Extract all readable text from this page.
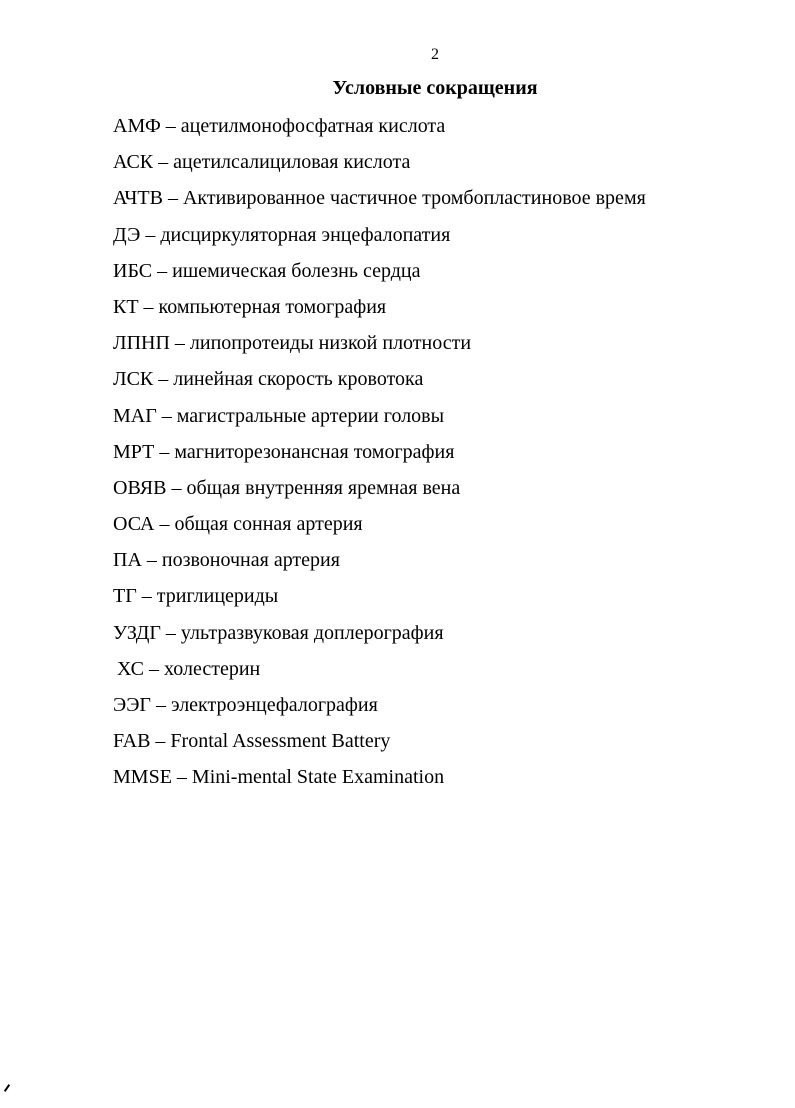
2
Условные сокращения
АМФ – ацетилмонофосфатная кислота
АСК – ацетилсалициловая кислота
АЧТВ – Активированное частичное тромбопластиновое время
ДЭ – дисциркуляторная энцефалопатия
ИБС – ишемическая болезнь сердца
КТ – компьютерная томография
ЛПНП – липопротеиды низкой плотности
ЛСК – линейная скорость кровотока
МАГ – магистральные артерии головы
МРТ – магниторезонансная томография
ОВЯВ – общая внутренняя яремная вена
ОСА – общая сонная артерия
ПА – позвоночная артерия
ТГ – триглицериды
УЗДГ – ультразвуковая доплерография
ХС – холестерин
ЭЭГ – электроэнцефалография
FAB – Frontal Assessment Battery
MMSE – Mini-mental State Examination
